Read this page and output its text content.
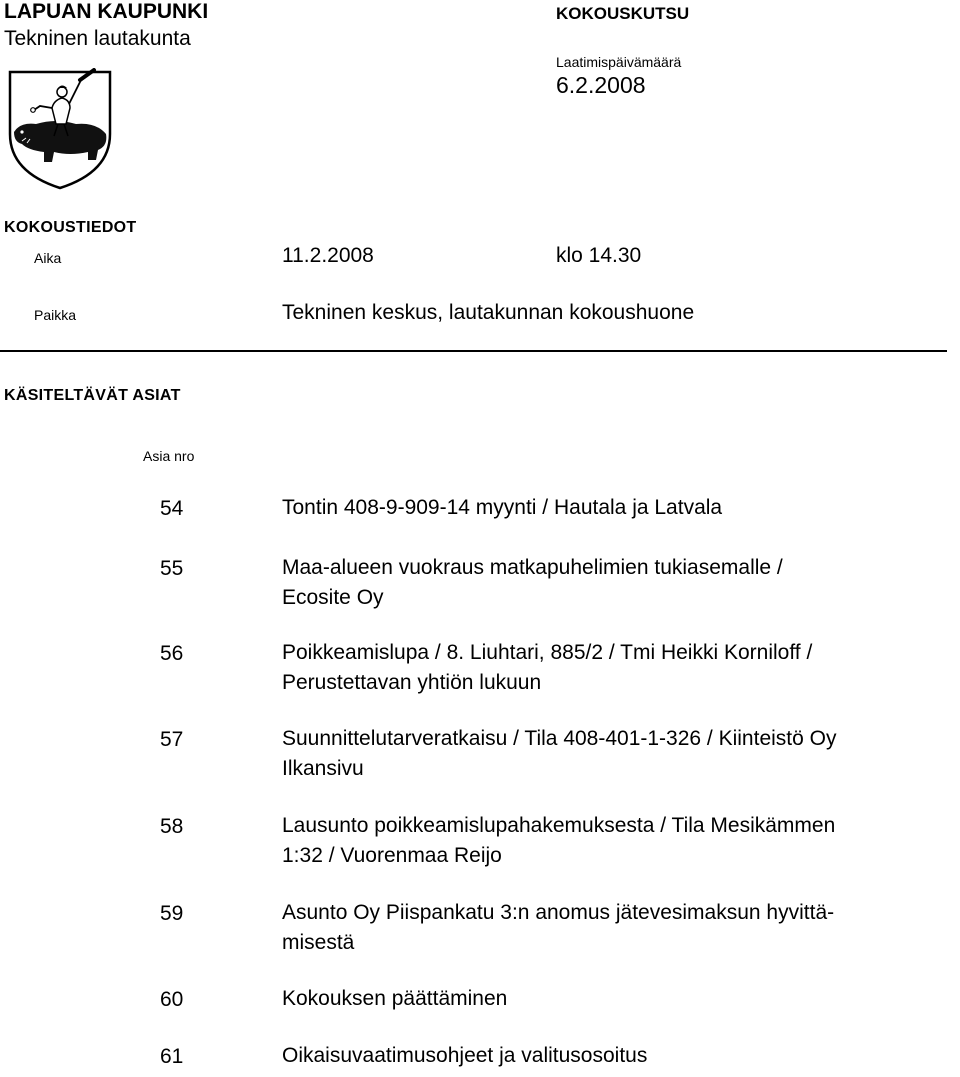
LAPUAN KAUPUNKI
Tekninen lautakunta
KOKOUSKUTSU
Laatimispäivämäärä
6.2.2008
KOKOUSTIEDOT
Aika	11.2.2008	klo 14.30
Paikka	Tekninen keskus, lautakunnan kokoushuone
KÄSITELTÄVÄT ASIAT
Asia nro
54	Tontin 408-9-909-14 myynti / Hautala ja Latvala
55	Maa-alueen vuokraus matkapuhelimien tukiasemalle /
Ecosite Oy
56	Poikkeamislupa / 8. Liuhtari, 885/2 / Tmi Heikki Korniloff /
Perustettavan yhtiön lukuun
57	Suunnittelutarveratkaisu / Tila 408-401-1-326 / Kiinteistö Oy
Ilkansivu
58	Lausunto poikkeamislupahakemuksesta / Tila Mesikämmen
1:32 / Vuorenmaa Reijo
59	Asunto Oy Piispankatu 3:n anomus jätevesimaksun hyvittä-
misestä
60	Kokouksen päättäminen
61	Oikaisuvaatimusohjeet ja valitusosoitus
